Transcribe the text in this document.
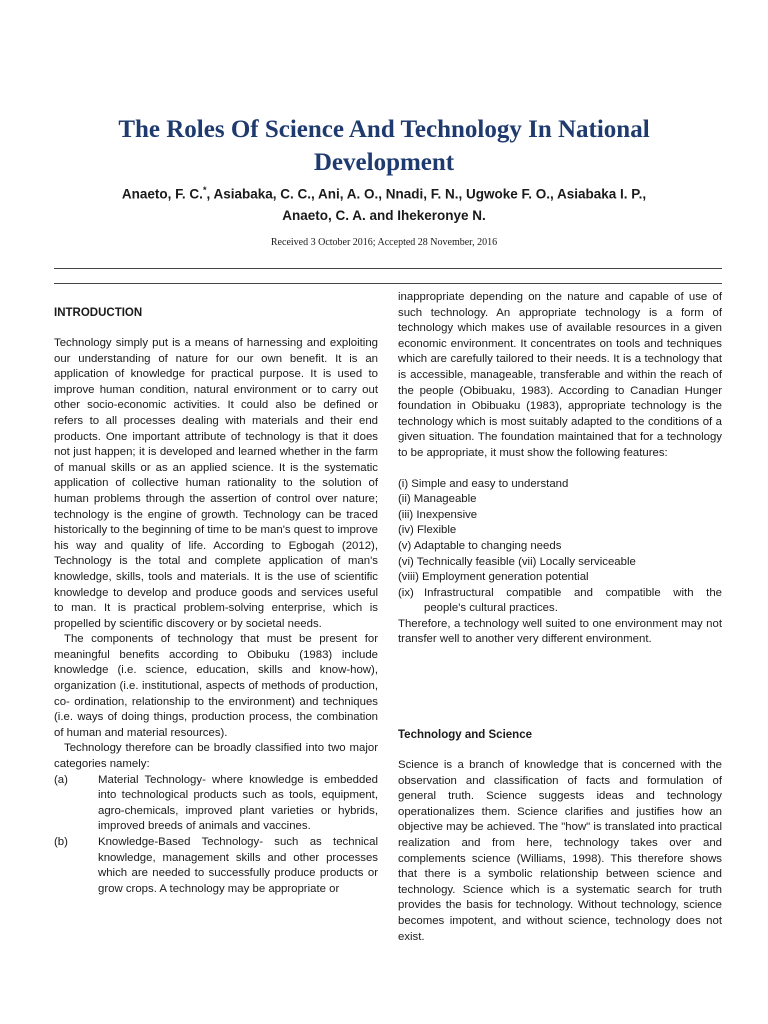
The Roles Of Science And Technology In National Development
Anaeto, F. C.*, Asiabaka, C. C., Ani, A. O., Nnadi, F. N., Ugwoke F. O., Asiabaka I. P.,
Anaeto, C. A. and Ihekeronye N.
Received 3 October 2016; Accepted 28 November, 2016
INTRODUCTION

Technology simply put is a means of harnessing and exploiting our understanding of nature for our own benefit. It is an application of knowledge for practical purpose. It is used to improve human condition, natural environment or to carry out other socio-economic activities. It could also be defined or refers to all processes dealing with materials and their end products. One important attribute of technology is that it does not just happen; it is developed and learned whether in the farm of manual skills or as an applied science. It is the systematic application of collective human rationality to the solution of human problems through the assertion of control over nature; technology is the engine of growth. Technology can be traced historically to the beginning of time to be man's quest to improve his way and quality of life. According to Egbogah (2012), Technology is the total and complete application of man's knowledge, skills, tools and materials. It is the use of scientific knowledge to develop and produce goods and services useful to man. It is practical problem-solving enterprise, which is propelled by scientific discovery or by societal needs.

The components of technology that must be present for meaningful benefits according to Obibuku (1983) include knowledge (i.e. science, education, skills and know-how), organization (i.e. institutional, aspects of methods of production, co- ordination, relationship to the environment) and techniques (i.e. ways of doing things, production process, the combination of human and material resources).

Technology therefore can be broadly classified into two major categories namely:

(a)	Material Technology- where knowledge is embedded into technological products such as tools, equipment, agro-chemicals, improved plant varieties or hybrids, improved breeds of animals and vaccines.
(b)	Knowledge-Based Technology- such as technical knowledge, management skills and other processes which are needed to successfully produce products or grow crops. A technology may be appropriate or

inappropriate depending on the nature and capable of use of such technology. An appropriate technology is a form of technology which makes use of available resources in a given economic environment. It concentrates on tools and techniques which are carefully tailored to their needs. It is a technology that is accessible, manageable, transferable and within the reach of the people (Obibuaku, 1983). According to Canadian Hunger foundation in Obibuaku (1983), appropriate technology is the technology which is most suitably adapted to the conditions of a given situation. The foundation maintained that for a technology to be appropriate, it must show the following features:

(i) Simple and easy to understand

(ii) Manageable

(iii) Inexpensive

(iv) Flexible

(v) Adaptable to changing needs

(vi) Technically feasible (vii) Locally serviceable

(viii) Employment generation potential

(ix) Infrastructural compatible and compatible with the

people's cultural practices.

Therefore, a technology well suited to one environment may not transfer well to another very different environment.

Technology and Science

Science is a branch of knowledge that is concerned with the observation and classification of facts and formulation of general truth. Science suggests ideas and technology operationalizes them. Science clarifies and justifies how an objective may be achieved. The "how" is translated into practical realization and from here, technology takes over and complements science (Williams, 1998). This therefore shows that there is a symbolic relationship between science and technology. Science which is a systematic search for truth provides the basis for technology. Without technology, science becomes impotent, and without science, technology does not exist.
